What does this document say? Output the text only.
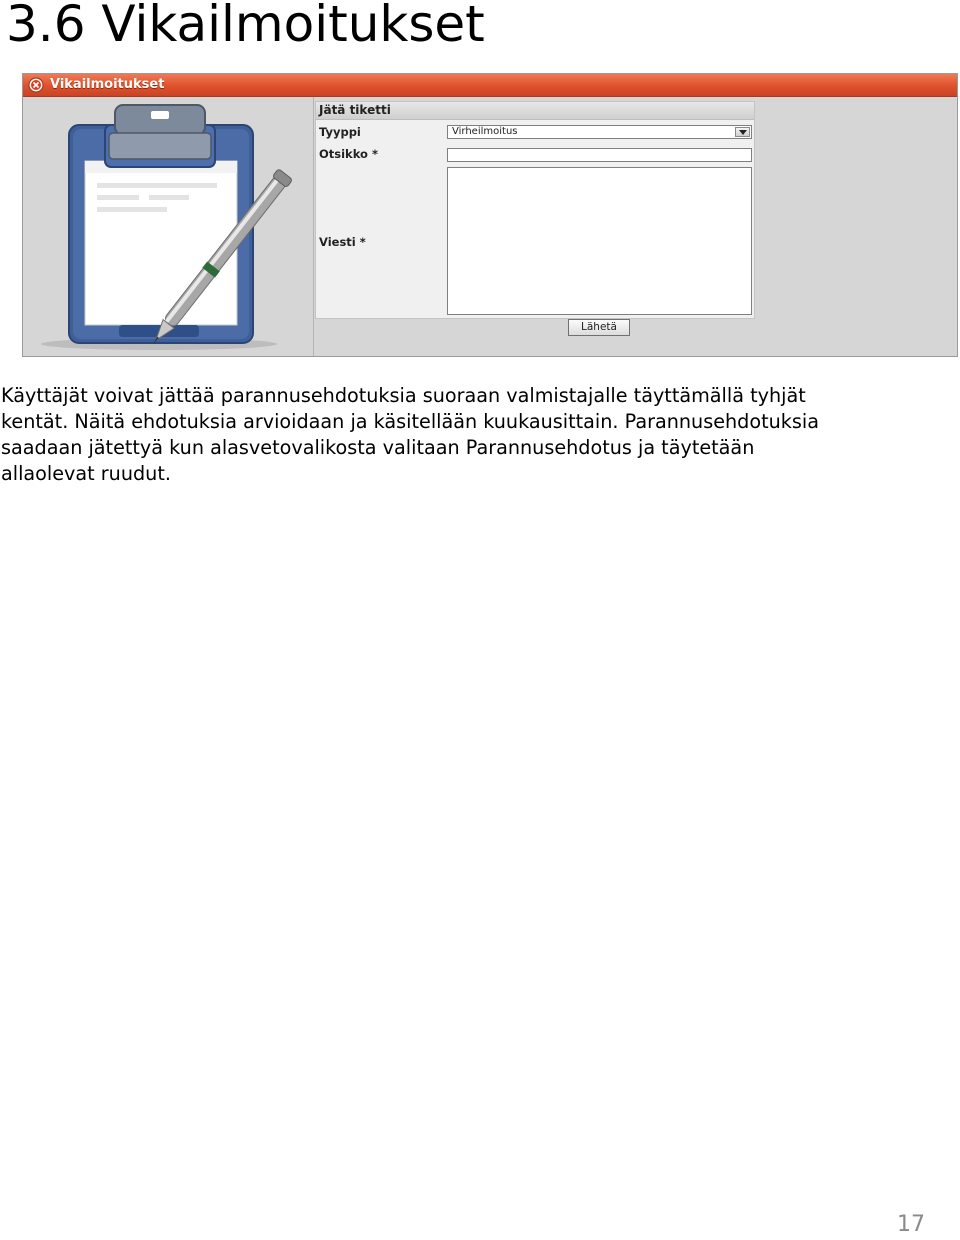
3.6 Vikailmoitukset
Vikailmoitukset
Jätä tiketti
Tyyppi	Virheilmoitus
Otsikko *
Viesti *
Lähetä

Käyttäjät voivat jättää parannusehdotuksia suoraan valmistajalle täyttämällä tyhjät
kentät. Näitä ehdotuksia arvioidaan ja käsitellään kuukausittain. Parannusehdotuksia
saadaan jätettyä kun alasvetovalikosta valitaan Parannusehdotus ja täytetään
allaolevat ruudut.

17
